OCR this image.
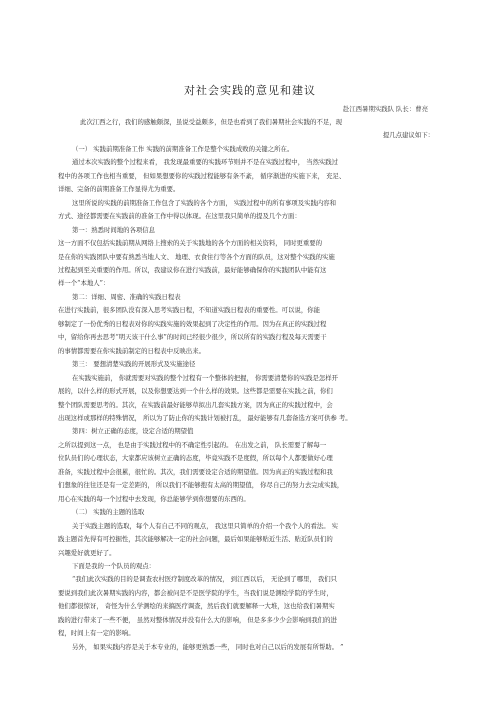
对社会实践的意见和建议
赴江西暑期实践队 队长：曹亮

此次江西之行，我们的感触颇深，虽说受益颇多，但是也看到了我们暑期社会实践的不足，现

提几点建议如下：

（一） 实践前期准备工作 实践的前期准备工作是整个实践成败的关键之所在。

通过本次实践的整个过程来看， 我发现最重要的实践环节则并不是在实践过程中， 当然实践过

程中的各项工作也相当重要， 但如果想要你的实践过程能够有条不紊， 循序渐进的实施下来， 充足、

详细、完备的前期准备工作显得尤为重要。

这里所说的实践的前期准备工作包含了实践的各个方面， 实践过程中的所有事项及实践内容和

方式、途径都需要在实践前的准备工作中得以体现。在这里我只简单的提及几个方面：

第一：熟悉时间地的各项信息

这一方面不仅包括实践前期从网络上搜索的关于实践地的各个方面的相关资料， 同时更重要的

是在你的实践团队中要有熟悉当地人文、 地理、衣食住行等各个方面的队员，这对整个实践的实施

过程起到至关重要的作用。所以，我建议你在进行实践前，最好能够确保你的实践团队中能有这

样一个“本地人”：

第二：详细、周密、准确的实践日程表

在进行实践前，很多团队没有深入思考实践日程，不知道实践日程表的重要性。可以说，你能

够制定了一份优秀的日程表对你的实践实施的效果起到了决定性的作用。因为在真正的实践过程

中，留给你再去思考“明天该干什么事”的时间已经很少很少，所以所有的实践行程及每天需要干

的事情都需要在你实践前制定的日程表中反映出来。

第三： 要想清楚实践的开展形式及实施途径

在实践实施前， 你就需要对实践的整个过程有一个整体的把握， 你需要清楚你的实践是怎样开

展的，以什么样的形式开展，以及你想要达到一个什么样的效果。这些都是需要在实践之前，你们

整个团队需要思考的。其次，在实践前最好能够草拟出几套实践方案，因为真正的实践过程中，会

出现这样或那样的特殊情况， 所以为了防止你的实践计划被打乱， 最好能够有几套备选方案可供参 考。

第四：树立正确的态度，设定合适的期望值

之所以提到这一点， 也是由于实践过程中的不确定性引起的。 在出发之前， 队长需要了解每一

位队员们的心理状态，大家都应该树立正确的态度，毕竟实践不是度假，所以每个人都要做好心理

准备，实践过程中会很累，很忙的。其次，我们需要设定合适的期望值。因为真正的实践过程和我

们想象的往往还是有一定差距的， 所以我们不能够抱有太高的期望值， 你尽自己的努力去完成实践，

用心在实践的每一个过程中去发现，你总能够学到你想要的东西的。

（二） 实践的主题的选取

关于实践主题的选取，每个人有自己不同的观点， 我这里只简单的介绍一个我个人的看法。 实

践主题首先得有可控掘性，其次能够解决一定的社会问题，最后如果能够贴近生活、贴近队员们的

兴趣爱好就更好了。

下面是我的一个队员的观点：

“我们此次实践的目的是调查农村医疗制度改革的情况， 到江西以后， 无论到了哪里， 我们只

要说到我们此次暑期实践的内容，都会被问是不是医学院的学生，当我们说是测绘学院的学生时，

他们都很惊讶， 奇怪为什么学测绘的来搞医疗调查，然后我们就要解释一大堆，这也给我们暑期实

践的进行带来了一些不便， 虽然对整体情况并没有什么大的影响， 但是多多少少会影响到我们的进

程，时间上有一定的影响。

另外， 如果实践内容是关于本专业的，能够更熟悉一些， 同时也对自己以后的发展有所帮助。 ”
